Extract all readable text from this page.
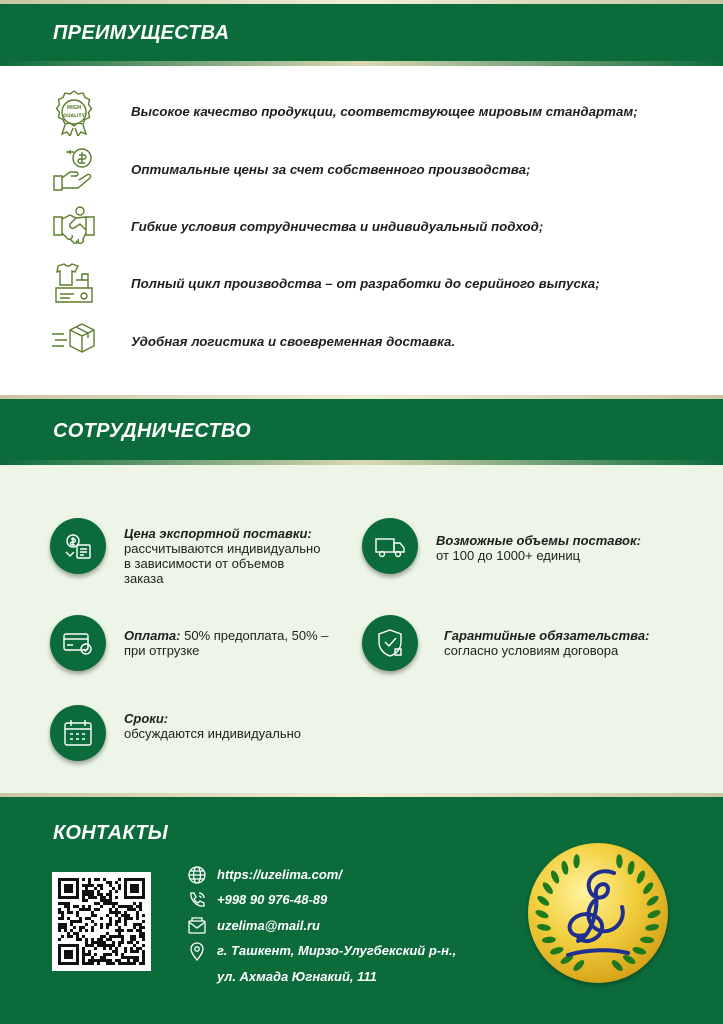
ПРЕИМУЩЕСТВА
HIGH
QUALITY	Высокое качество продукции, соответствующее мировым стандартам;
Оптимальные цены за счет собственного производства;
Гибкие условия сотрудничества и индивидуальный подход;
Полный цикл производства – от разработки до серийного выпуска;
Удобная логистика и своевременная доставка.
СОТРУДНИЧЕСТВО
Цена экспортной поставки:
рассчитываются индивидуально в зависимости от объемов заказа
Возможные объемы поставок:
от 100 до 1000+ единиц
Оплата: 50% предоплата, 50% – при отгрузке
Гарантийные обязательства:
согласно условиям договора
Сроки:
обсуждаются индивидуально
КОНТАКТЫ
https://uzelima.com/
+998 90 976-48-89
uzelima@mail.ru
г. Ташкент, Мирзо-Улугбекский р-н.,
ул. Ахмада Югнакий, 111
